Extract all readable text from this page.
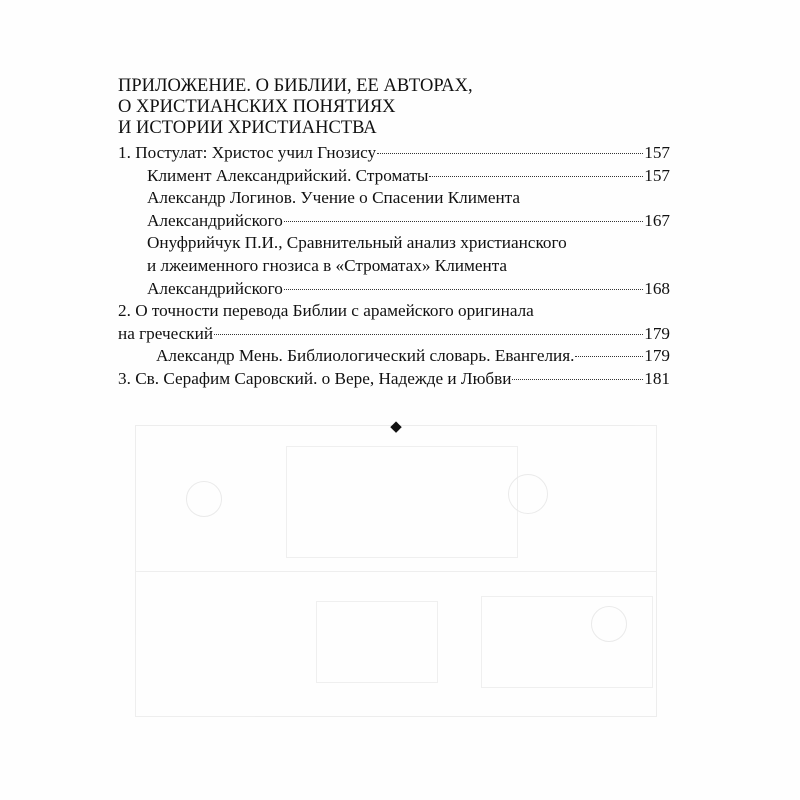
ПРИЛОЖЕНИЕ. О БИБЛИИ, ЕЕ АВТОРАХ,
О ХРИСТИАНСКИХ ПОНЯТИЯХ
И ИСТОРИИ ХРИСТИАНСТВА
1. Постулат: Христос учил Гнозису	157
Климент Александрийский. Строматы	157
Александр Логинов. Учение о Спасении Климента
Александрийского	167
Онуфрийчук П.И., Сравнительный анализ христианского
и лжеименного гнозиса в «Строматах» Климента
Александрийского	168
2. О точности перевода Библии с арамейского оригинала
на греческий	179
Александр Мень. Библиологический словарь. Евангелия.	179
3. Св. Серафим Саровский. о Вере, Надежде и Любви	181
◆
